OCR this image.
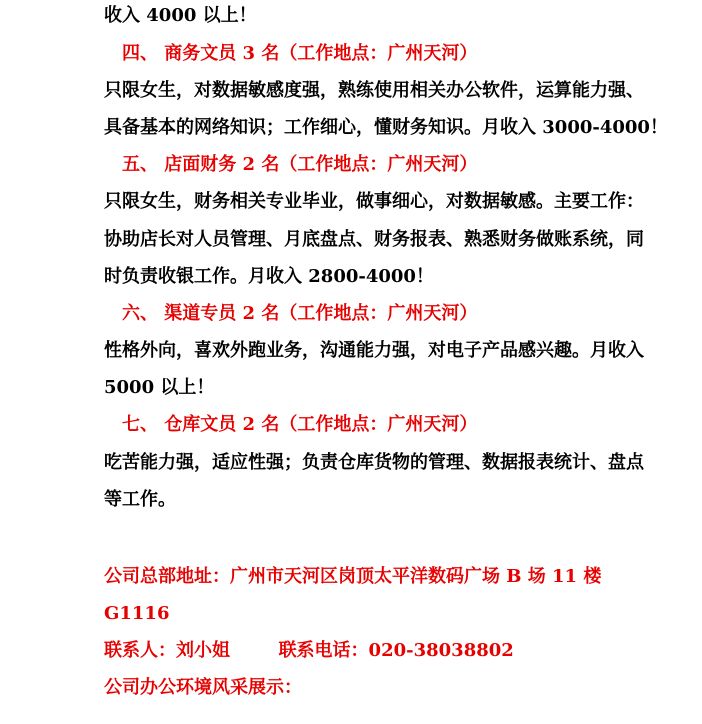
收入 4000 以上！
四、 商务文员 3 名（工作地点：广州天河）
只限女生，对数据敏感度强，熟练使用相关办公软件，运算能力强、
具备基本的网络知识；工作细心，懂财务知识。月收入 3000-4000！
五、 店面财务 2 名（工作地点：广州天河）
只限女生，财务相关专业毕业，做事细心，对数据敏感。主要工作：
协助店长对人员管理、月底盘点、财务报表、熟悉财务做账系统，同
时负责收银工作。月收入 2800-4000！
六、 渠道专员 2 名（工作地点：广州天河）
性格外向，喜欢外跑业务，沟通能力强，对电子产品感兴趣。月收入
5000 以上！
七、 仓库文员 2 名（工作地点：广州天河）
吃苦能力强，适应性强；负责仓库货物的管理、数据报表统计、盘点
等工作。
公司总部地址：广州市天河区岗顶太平洋数码广场 B 场 11 楼
G1116
联系人：刘小姐	联系电话：020-38038802
公司办公环境风采展示：
